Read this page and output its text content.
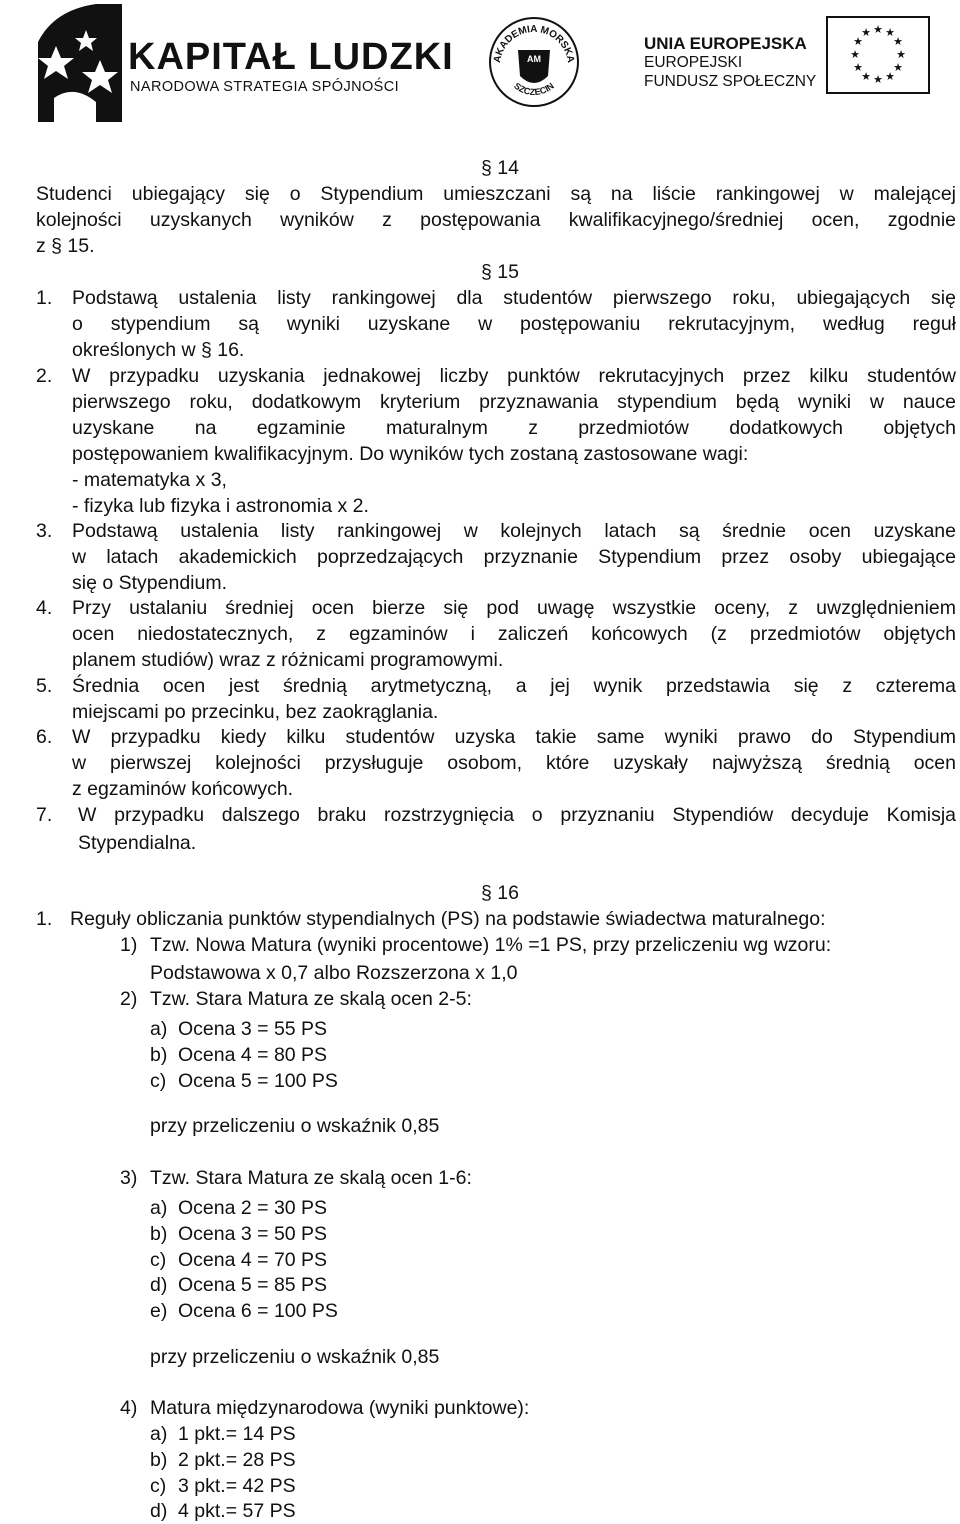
KAPITAŁ LUDZKI
NARODOWA STRATEGIA SPÓJNOŚCI
AKADEMIA MORSKA
SZCZECIN
AM
UNIA EUROPEJSKA
EUROPEJSKI
FUNDUSZ SPOŁECZNY
★ ★
★
★
★
★
★
★
★
★
★
★
§ 14
Studenci ubiegający się o Stypendium umieszczani są na liście rankingowej w malejącej
kolejności uzyskanych wyników z postępowania kwalifikacyjnego/średniej ocen, zgodnie
z § 15.
§ 15
1. Podstawą ustalenia listy rankingowej dla studentów pierwszego roku, ubiegających się
o stypendium są wyniki uzyskane w postępowaniu rekrutacyjnym, według reguł
określonych w § 16.
2. W przypadku uzyskania jednakowej liczby punktów rekrutacyjnych przez kilku studentów
pierwszego roku, dodatkowym kryterium przyznawania stypendium będą wyniki w nauce
uzyskane na egzaminie maturalnym z przedmiotów dodatkowych objętych
postępowaniem kwalifikacyjnym. Do wyników tych zostaną zastosowane wagi:
- matematyka x 3,
- fizyka lub fizyka i astronomia x 2.
3. Podstawą ustalenia listy rankingowej w kolejnych latach są średnie ocen uzyskane
w latach akademickich poprzedzających przyznanie Stypendium przez osoby ubiegające
się o Stypendium.
4. Przy ustalaniu średniej ocen bierze się pod uwagę wszystkie oceny, z uwzględnieniem
ocen niedostatecznych, z egzaminów i zaliczeń końcowych (z przedmiotów objętych
planem studiów) wraz z różnicami programowymi.
5. Średnia ocen jest średnią arytmetyczną, a jej wynik przedstawia się z czterema
miejscami po przecinku, bez zaokrąglania.
6. W przypadku kiedy kilku studentów uzyska takie same wyniki prawo do Stypendium
w pierwszej kolejności przysługuje osobom, które uzyskały najwyższą średnią ocen
z egzaminów końcowych.
7. W przypadku dalszego braku rozstrzygnięcia o przyznaniu Stypendiów decyduje Komisja
Stypendialna.
§ 16
1. Reguły obliczania punktów stypendialnych (PS) na podstawie świadectwa maturalnego:
1) Tzw. Nowa Matura (wyniki procentowe) 1% =1 PS, przy przeliczeniu wg wzoru:
Podstawowa x 0,7 albo Rozszerzona x 1,0
2) Tzw. Stara Matura ze skalą ocen 2-5:
a) Ocena 3 = 55 PS
b) Ocena 4 = 80 PS
c) Ocena 5 = 100 PS
przy przeliczeniu o wskaźnik 0,85
3) Tzw. Stara Matura ze skalą ocen 1-6:
a) Ocena 2 = 30 PS
b) Ocena 3 = 50 PS
c) Ocena 4 = 70 PS
d) Ocena 5 = 85 PS
e) Ocena 6 = 100 PS
przy przeliczeniu o wskaźnik 0,85
4) Matura międzynarodowa (wyniki punktowe):
a) 1 pkt.= 14 PS
b) 2 pkt.= 28 PS
c) 3 pkt.= 42 PS
d) 4 pkt.= 57 PS
